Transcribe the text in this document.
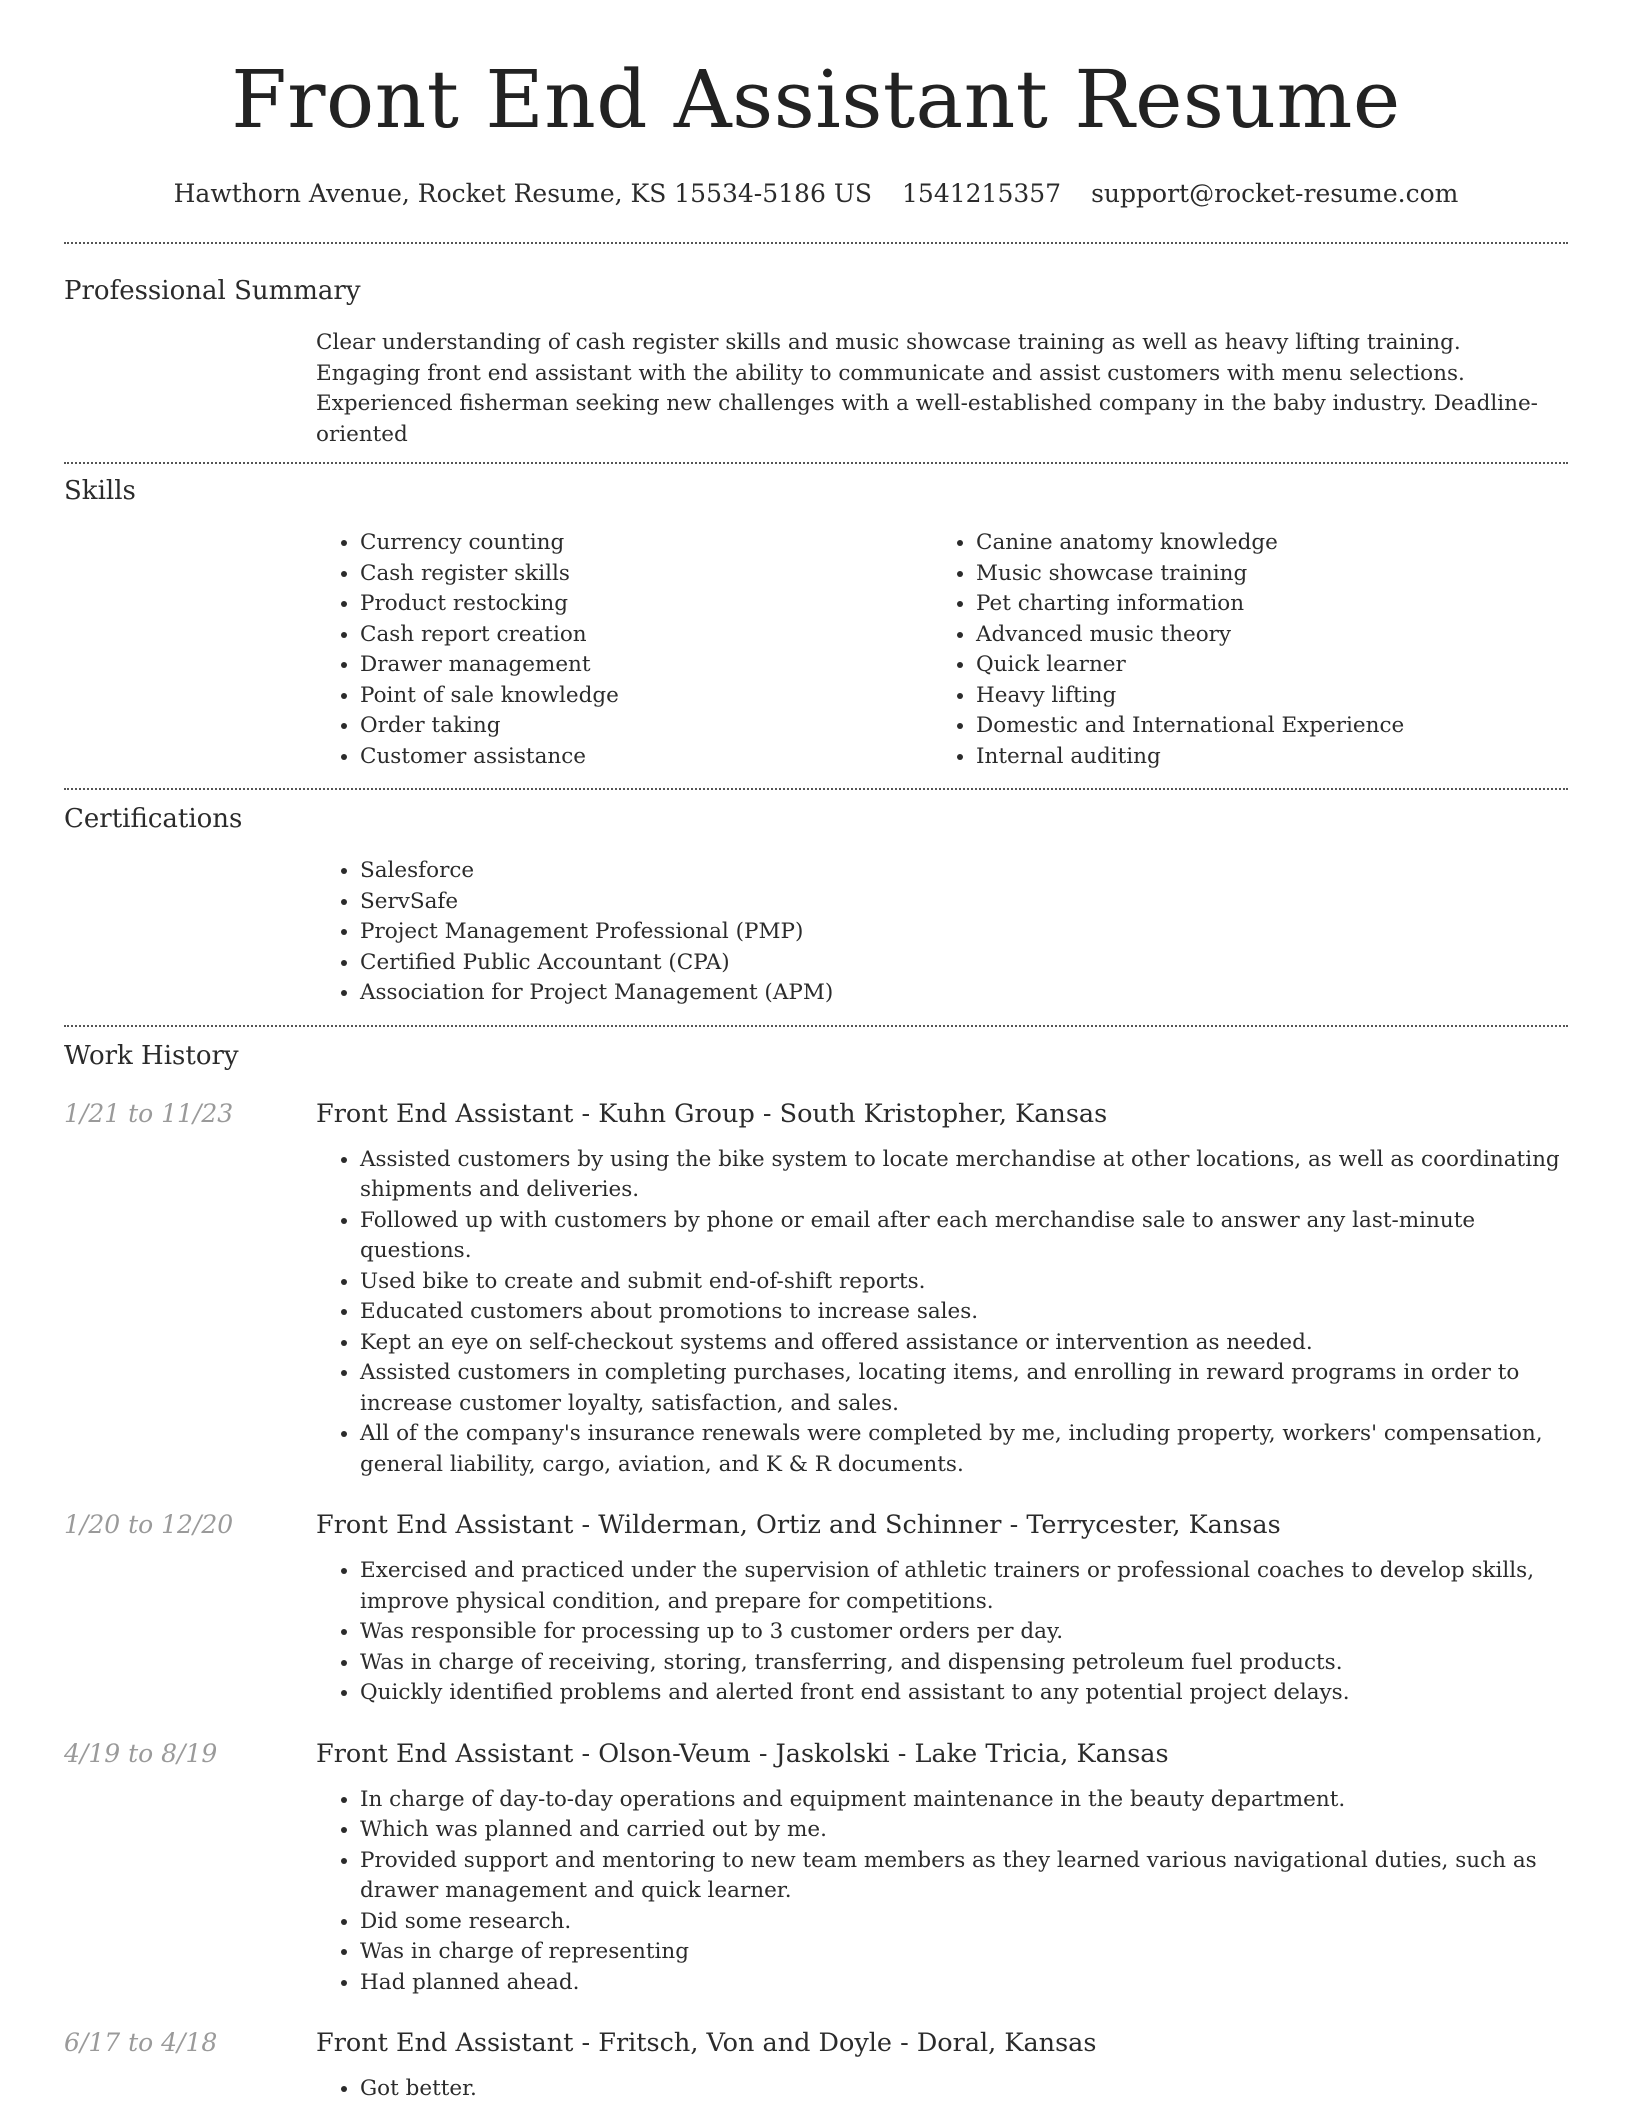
Front End Assistant Resume
Hawthorn Avenue, Rocket Resume, KS 15534-5186 US 1541215357 support@rocket-resume.com
Professional Summary

Clear understanding of cash register skills and music showcase training as well as heavy lifting training. Engaging front end assistant with the ability to communicate and assist customers with menu selections. Experienced fisherman seeking new challenges with a well-established company in the baby industry. Deadline-oriented

Skills
• Currency counting
• Cash register skills
• Product restocking
• Cash report creation
• Drawer management
• Point of sale knowledge
• Order taking
• Customer assistance
• Canine anatomy knowledge
• Music showcase training
• Pet charting information
• Advanced music theory
• Quick learner
• Heavy lifting
• Domestic and International Experience
• Internal auditing
Certifications
• Salesforce
• ServSafe
• Project Management Professional (PMP)
• Certified Public Accountant (CPA)
• Association for Project Management (APM)
Work History
1/21 to 11/23	Front End Assistant - Kuhn Group - South Kristopher, Kansas
• Assisted customers by using the bike system to locate merchandise at other locations, as well as coordinating shipments and deliveries.
• Followed up with customers by phone or email after each merchandise sale to answer any last-minute questions.
• Used bike to create and submit end-of-shift reports.
• Educated customers about promotions to increase sales.
• Kept an eye on self-checkout systems and offered assistance or intervention as needed.
• Assisted customers in completing purchases, locating items, and enrolling in reward programs in order to increase customer loyalty, satisfaction, and sales.
• All of the company's insurance renewals were completed by me, including property, workers' compensation, general liability, cargo, aviation, and K & R documents.
1/20 to 12/20	Front End Assistant - Wilderman, Ortiz and Schinner - Terrycester, Kansas
• Exercised and practiced under the supervision of athletic trainers or professional coaches to develop skills, improve physical condition, and prepare for competitions.
• Was responsible for processing up to 3 customer orders per day.
• Was in charge of receiving, storing, transferring, and dispensing petroleum fuel products.
• Quickly identified problems and alerted front end assistant to any potential project delays.
4/19 to 8/19	Front End Assistant - Olson-Veum - Jaskolski - Lake Tricia, Kansas
• In charge of day-to-day operations and equipment maintenance in the beauty department.
• Which was planned and carried out by me.
• Provided support and mentoring to new team members as they learned various navigational duties, such as drawer management and quick learner.
• Did some research.
• Was in charge of representing
• Had planned ahead.
6/17 to 4/18	Front End Assistant - Fritsch, Von and Doyle - Doral, Kansas
• Got better.
